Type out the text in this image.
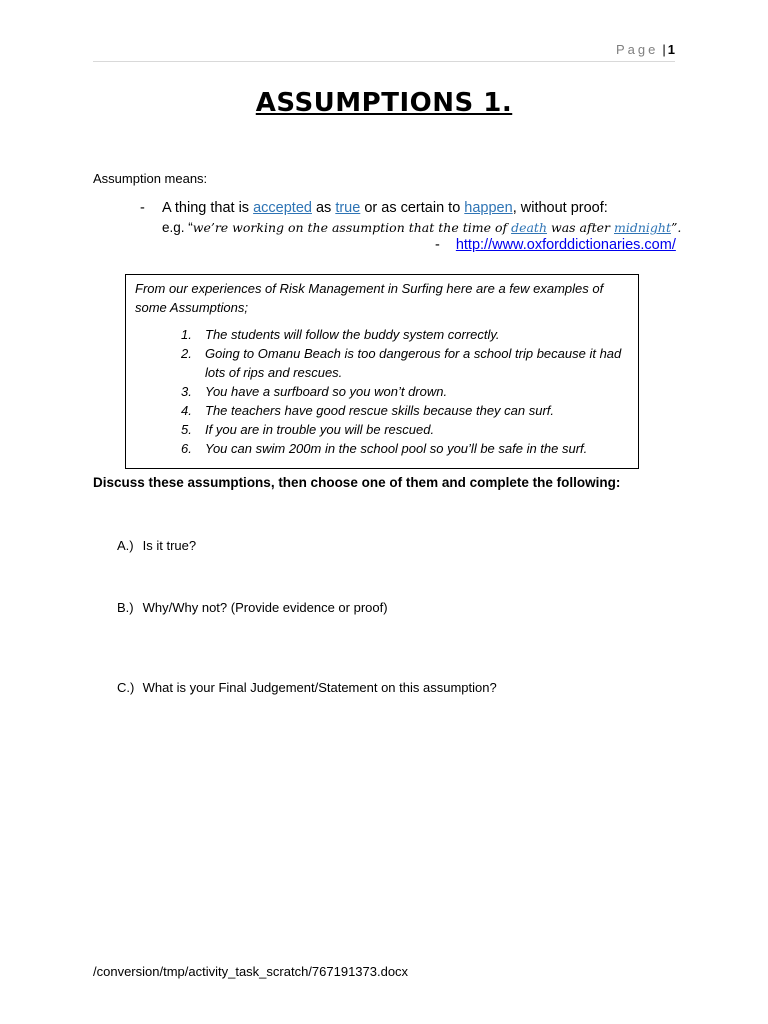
Page | 1
ASSUMPTIONS 1.
Assumption means:
- A thing that is accepted as true or as certain to happen, without proof:
e.g. “we’re working on the assumption that the time of death was after midnight”.
- http://www.oxforddictionaries.com/
From our experiences of Risk Management in Surfing here are a few examples of some Assumptions;
1. The students will follow the buddy system correctly.
2. Going to Omanu Beach is too dangerous for a school trip because it had lots of rips and rescues.
3. You have a surfboard so you won’t drown.
4. The teachers have good rescue skills because they can surf.
5. If you are in trouble you will be rescued.
6. You can swim 200m in the school pool so you’ll be safe in the surf.
Discuss these assumptions, then choose one of them and complete the following:
A.) Is it true?
B.) Why/Why not? (Provide evidence or proof)
C.) What is your Final Judgement/Statement on this assumption?
/conversion/tmp/activity_task_scratch/767191373.docx
